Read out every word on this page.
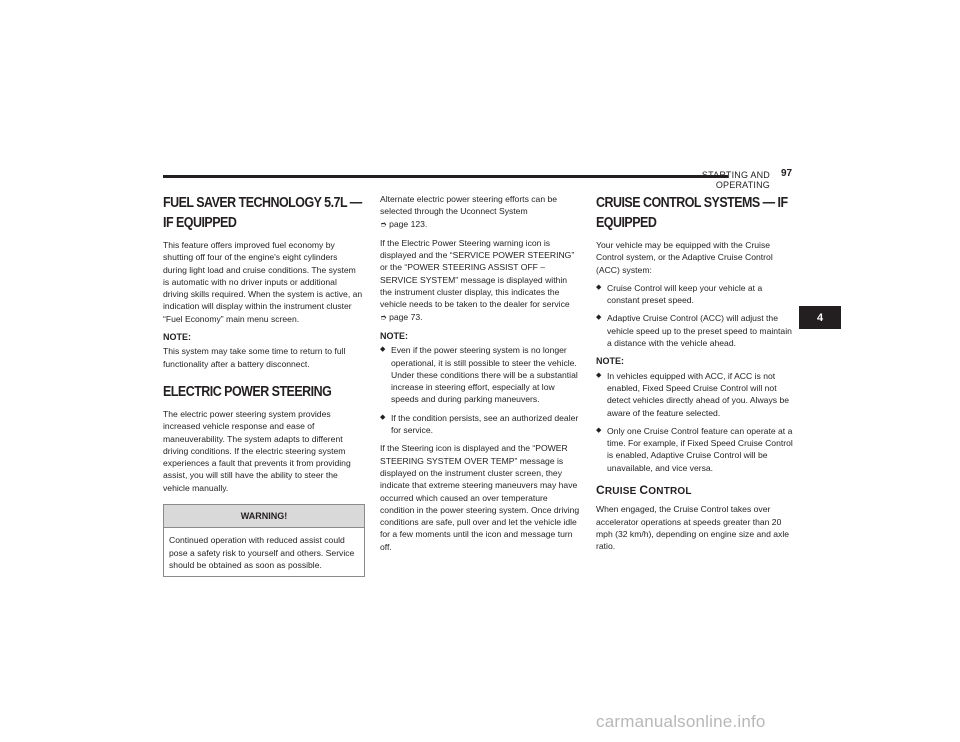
STARTING AND OPERATING
97
4
FUEL SAVER TECHNOLOGY 5.7L —
IF EQUIPPED

This feature offers improved fuel economy by shutting off four of the engine's eight cylinders during light load and cruise conditions. The system is automatic with no driver inputs or additional driving skills required. When the system is active, an indication will display within the instrument cluster “Fuel Economy” main menu screen.

NOTE:

This system may take some time to return to full functionality after a battery disconnect.

ELECTRIC POWER STEERING

The electric power steering system provides increased vehicle response and ease of maneuverability. The system adapts to different driving conditions. If the electric steering system experiences a fault that prevents it from providing assist, you will still have the ability to steer the vehicle manually.

WARNING!
Continued operation with reduced assist could pose a safety risk to yourself and others. Service should be obtained as soon as possible.

Alternate electric power steering efforts can be selected through the Uconnect System
➮ page 123.

If the Electric Power Steering warning icon is displayed and the “SERVICE POWER STEERING” or the “POWER STEERING ASSIST OFF – SERVICE SYSTEM” message is displayed within the instrument cluster display, this indicates the vehicle needs to be taken to the dealer for service
➮ page 73.

NOTE:
◆ Even if the power steering system is no longer operational, it is still possible to steer the vehicle. Under these conditions there will be a substantial increase in steering effort, especially at low speeds and during parking maneuvers.
◆ If the condition persists, see an authorized dealer for service.

If the Steering icon is displayed and the “POWER STEERING SYSTEM OVER TEMP” message is displayed on the instrument cluster screen, they indicate that extreme steering maneuvers may have occurred which caused an over temperature condition in the power steering system. Once driving conditions are safe, pull over and let the vehicle idle for a few moments until the icon and message turn off.

CRUISE CONTROL SYSTEMS — IF EQUIPPED

Your vehicle may be equipped with the Cruise Control system, or the Adaptive Cruise Control (ACC) system:

◆ Cruise Control will keep your vehicle at a constant preset speed.
◆ Adaptive Cruise Control (ACC) will adjust the vehicle speed up to the preset speed to maintain a distance with the vehicle ahead.
NOTE:
◆ In vehicles equipped with ACC, if ACC is not enabled, Fixed Speed Cruise Control will not detect vehicles directly ahead of you. Always be aware of the feature selected.
◆ Only one Cruise Control feature can operate at a time. For example, if Fixed Speed Cruise Control is enabled, Adaptive Cruise Control will be unavailable, and vice versa.
CRUISE CONTROL

When engaged, the Cruise Control takes over accelerator operations at speeds greater than 20 mph (32 km/h), depending on engine size and axle ratio.

carmanualsonline.info
